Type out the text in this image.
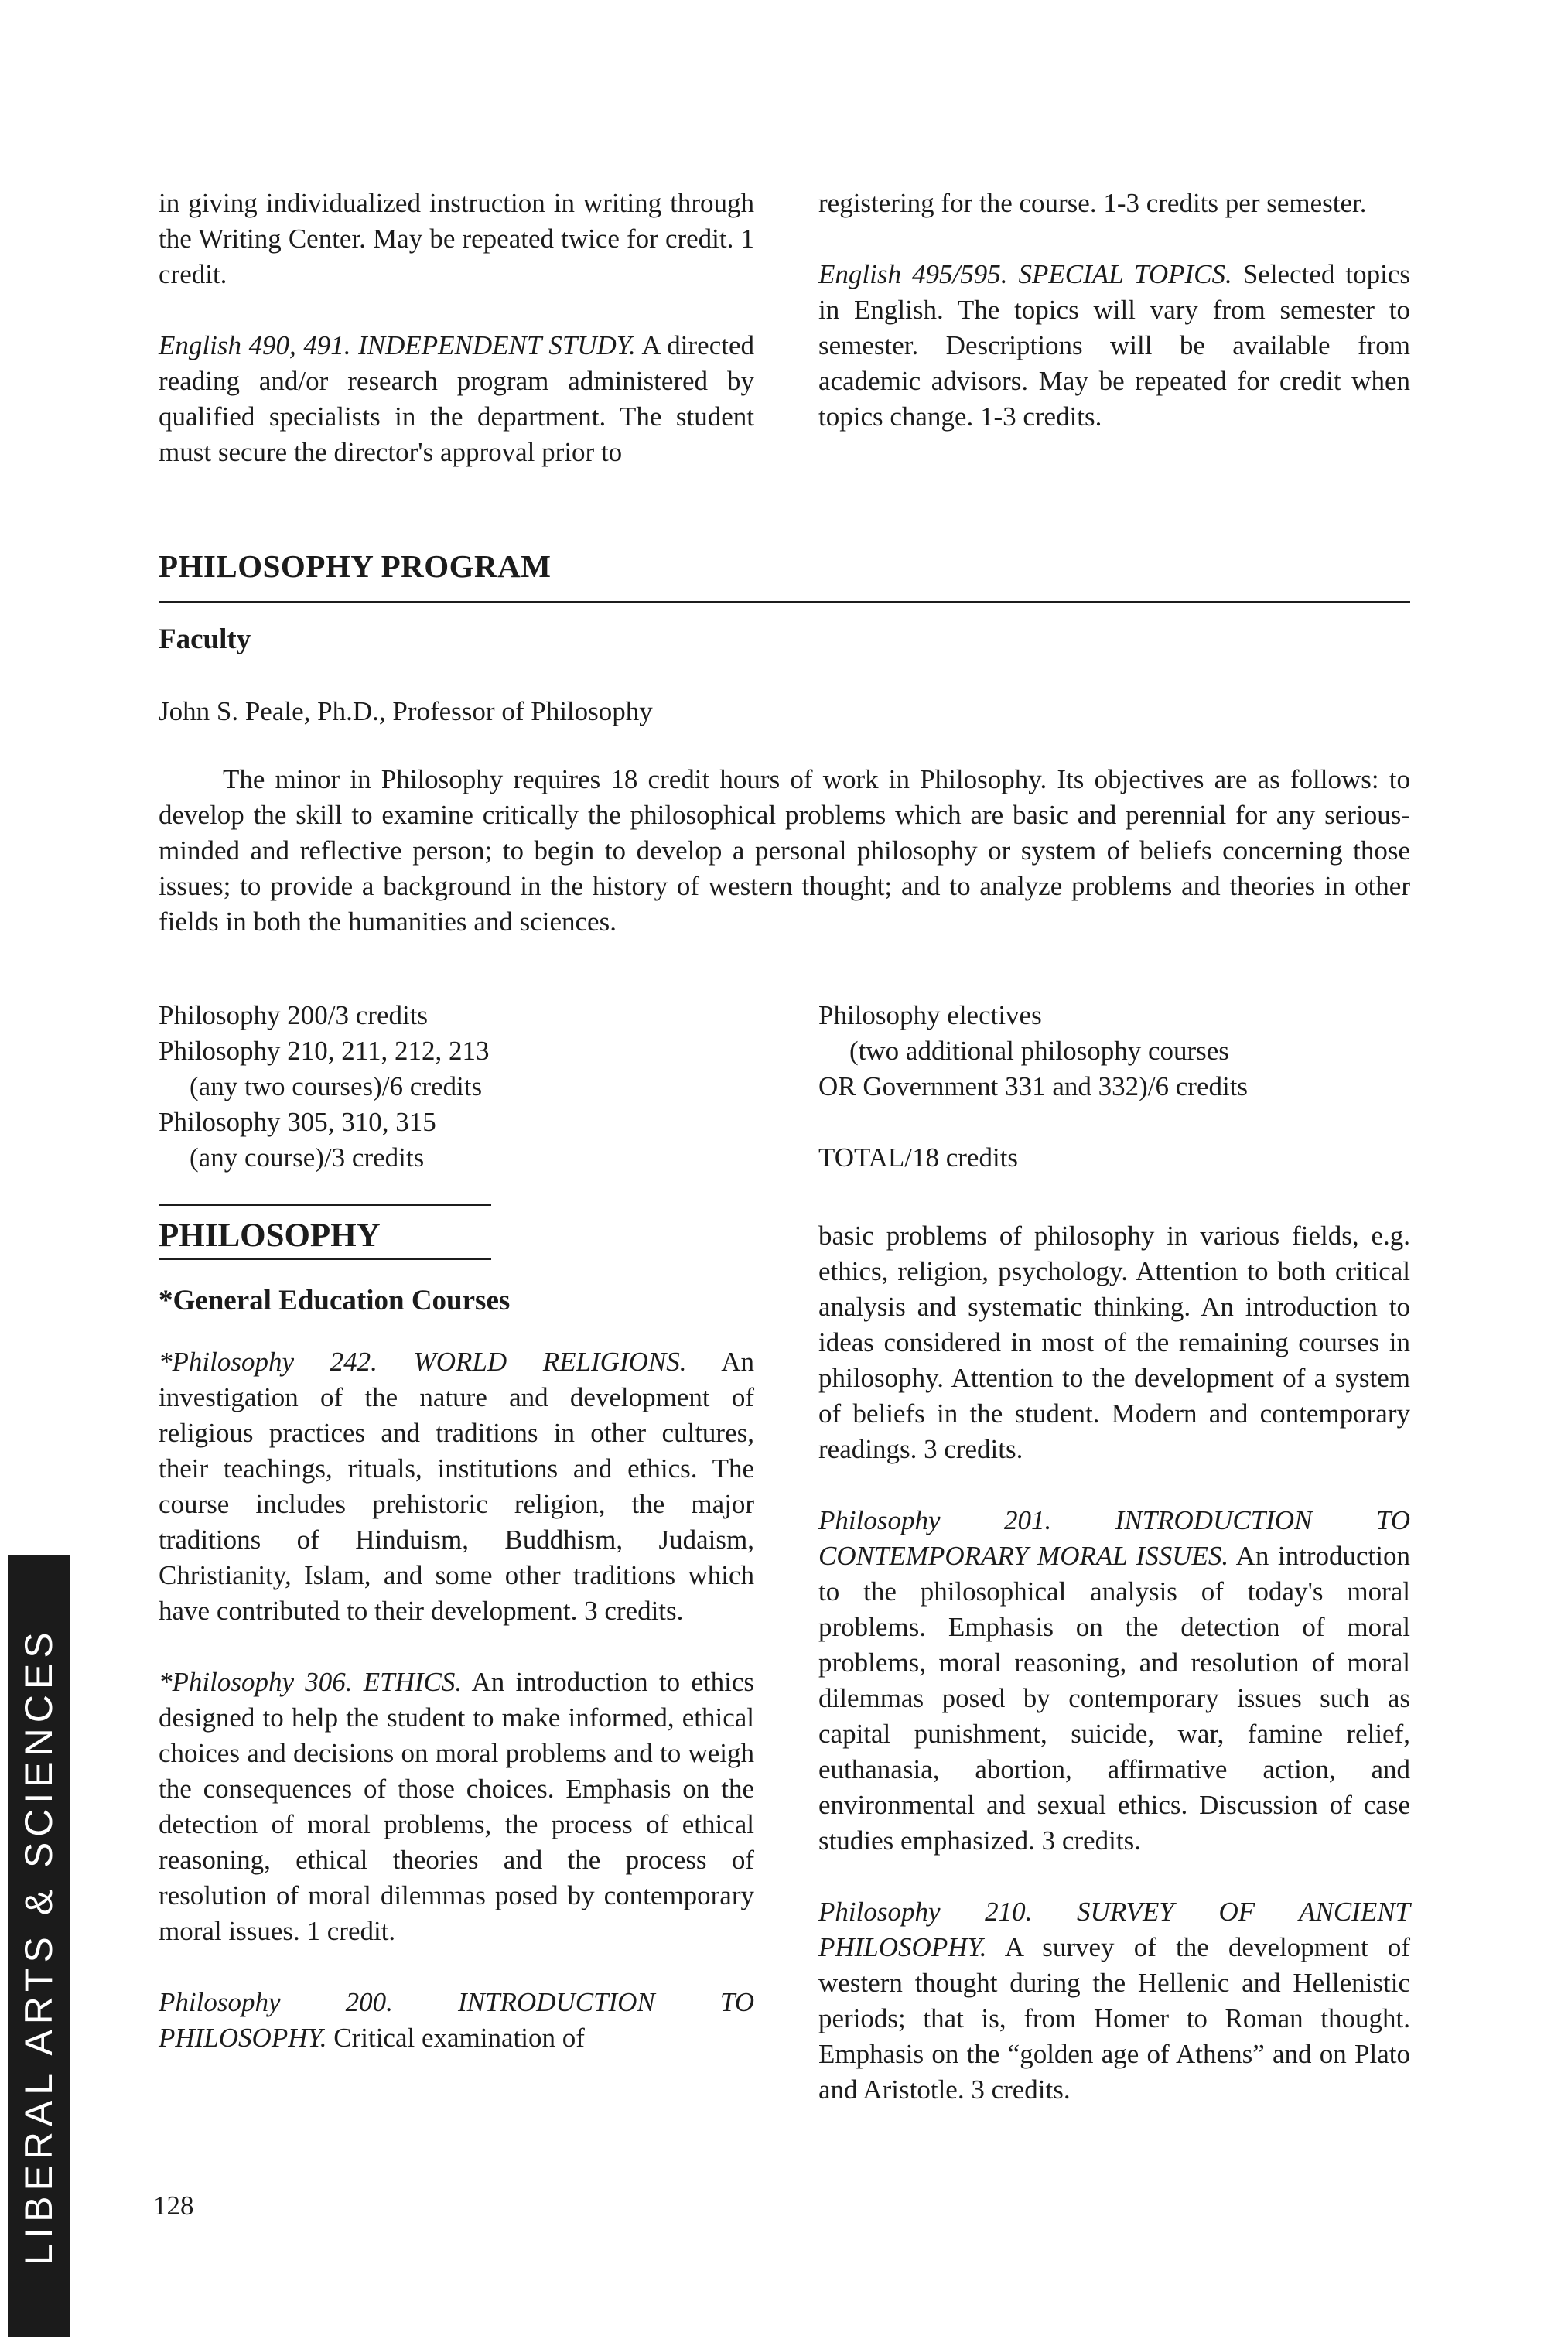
in giving individualized instruction in writing through the Writing Center. May be repeated twice for credit. 1 credit.

English 490, 491. INDEPENDENT STUDY. A directed reading and/or research program administered by qualified specialists in the department. The student must secure the director's approval prior to

registering for the course. 1-3 credits per semester.

English 495/595. SPECIAL TOPICS. Selected topics in English. The topics will vary from semester to semester. Descriptions will be available from academic advisors. May be repeated for credit when topics change. 1-3 credits.

PHILOSOPHY PROGRAM
Faculty

John S. Peale, Ph.D., Professor of Philosophy

The minor in Philosophy requires 18 credit hours of work in Philosophy. Its objectives are as follows: to develop the skill to examine critically the philosophical problems which are basic and perennial for any serious-minded and reflective person; to begin to develop a personal philosophy or system of beliefs concerning those issues; to provide a background in the history of western thought; and to analyze problems and theories in other fields in both the humanities and sciences.

Philosophy 200/3 credits
Philosophy 210, 211, 212, 213
(any two courses)/6 credits
Philosophy 305, 310, 315
(any course)/3 credits
Philosophy electives
(two additional philosophy courses
OR Government 331 and 332)/6 credits
TOTAL/18 credits
PHILOSOPHY
*General Education Courses

*Philosophy 242. WORLD RELIGIONS. An investigation of the nature and development of religious practices and traditions in other cultures, their teachings, rituals, institutions and ethics. The course includes prehistoric religion, the major traditions of Hinduism, Buddhism, Judaism, Christianity, Islam, and some other traditions which have contributed to their development. 3 credits.

*Philosophy 306. ETHICS. An introduction to ethics designed to help the student to make informed, ethical choices and decisions on moral problems and to weigh the consequences of those choices. Emphasis on the detection of moral problems, the process of ethical reasoning, ethical theories and the process of resolution of moral dilemmas posed by contemporary moral issues. 1 credit.

Philosophy 200. INTRODUCTION TO PHILOSOPHY. Critical examination of

basic problems of philosophy in various fields, e.g. ethics, religion, psychology. Attention to both critical analysis and systematic thinking. An introduction to ideas considered in most of the remaining courses in philosophy. Attention to the development of a system of beliefs in the student. Modern and contemporary readings. 3 credits.

Philosophy 201. INTRODUCTION TO CONTEMPORARY MORAL ISSUES. An introduction to the philosophical analysis of today's moral problems. Emphasis on the detection of moral problems, moral reasoning, and resolution of moral dilemmas posed by contemporary issues such as capital punishment, suicide, war, famine relief, euthanasia, abortion, affirmative action, and environmental and sexual ethics. Discussion of case studies emphasized. 3 credits.

Philosophy 210. SURVEY OF ANCIENT PHILOSOPHY. A survey of the development of western thought during the Hellenic and Hellenistic periods; that is, from Homer to Roman thought. Emphasis on the “golden age of Athens” and on Plato and Aristotle. 3 credits.

128
LIBERAL ARTS & SCIENCES
